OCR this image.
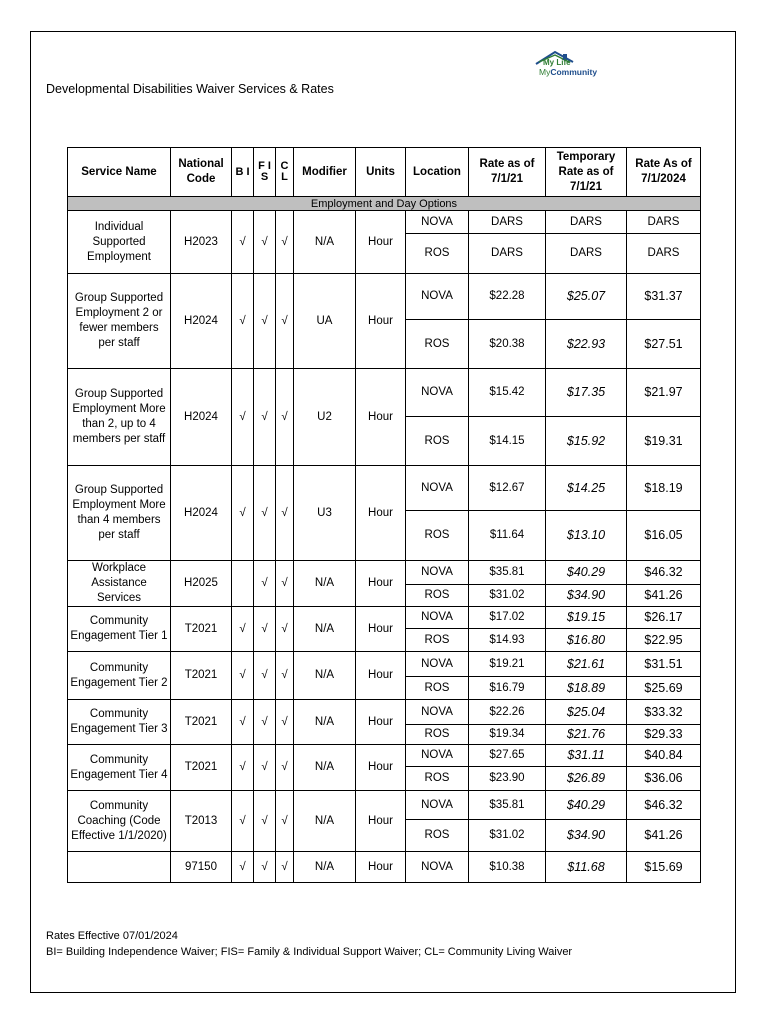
Developmental Disabilities Waiver Services & Rates
My Life
MyCommunity
Service Name	National Code	B I	F I S	C L	Modifier	Units	Location	Rate as of 7/1/21	Temporary Rate as of 7/1/21	Rate As of 7/1/2024
Employment and Day Options										
Individual Supported Employment	H2023	√	√	√	N/A	Hour	NOVA	DARS	DARS	DARS
							ROS	DARS	DARS	DARS
Group Supported Employment 2 or fewer members per staff	H2024	√	√	√	UA	Hour	NOVA	$22.28	$25.07	$31.37
							ROS	$20.38	$22.93	$27.51
Group Supported Employment More than 2, up to 4 members per staff	H2024	√	√	√	U2	Hour	NOVA	$15.42	$17.35	$21.97
							ROS	$14.15	$15.92	$19.31
Group Supported Employment More than 4 members per staff	H2024	√	√	√	U3	Hour	NOVA	$12.67	$14.25	$18.19
							ROS	$11.64	$13.10	$16.05
Workplace Assistance Services	H2025		√	√	N/A	Hour	NOVA	$35.81	$40.29	$46.32
							ROS	$31.02	$34.90	$41.26
Community Engagement Tier 1	T2021	√	√	√	N/A	Hour	NOVA	$17.02	$19.15	$26.17
							ROS	$14.93	$16.80	$22.95
Community Engagement Tier 2	T2021	√	√	√	N/A	Hour	NOVA	$19.21	$21.61	$31.51
							ROS	$16.79	$18.89	$25.69
Community Engagement Tier 3	T2021	√	√	√	N/A	Hour	NOVA	$22.26	$25.04	$33.32
							ROS	$19.34	$21.76	$29.33
Community Engagement Tier 4	T2021	√	√	√	N/A	Hour	NOVA	$27.65	$31.11	$40.84
							ROS	$23.90	$26.89	$36.06
Community Coaching (Code Effective 1/1/2020)	T2013	√	√	√	N/A	Hour	NOVA	$35.81	$40.29	$46.32
							ROS	$31.02	$34.90	$41.26
	97150	√	√	√	N/A	Hour	NOVA	$10.38	$11.68	$15.69
Rates Effective 07/01/2024
BI= Building Independence Waiver; FIS= Family & Individual Support Waiver; CL= Community Living Waiver
